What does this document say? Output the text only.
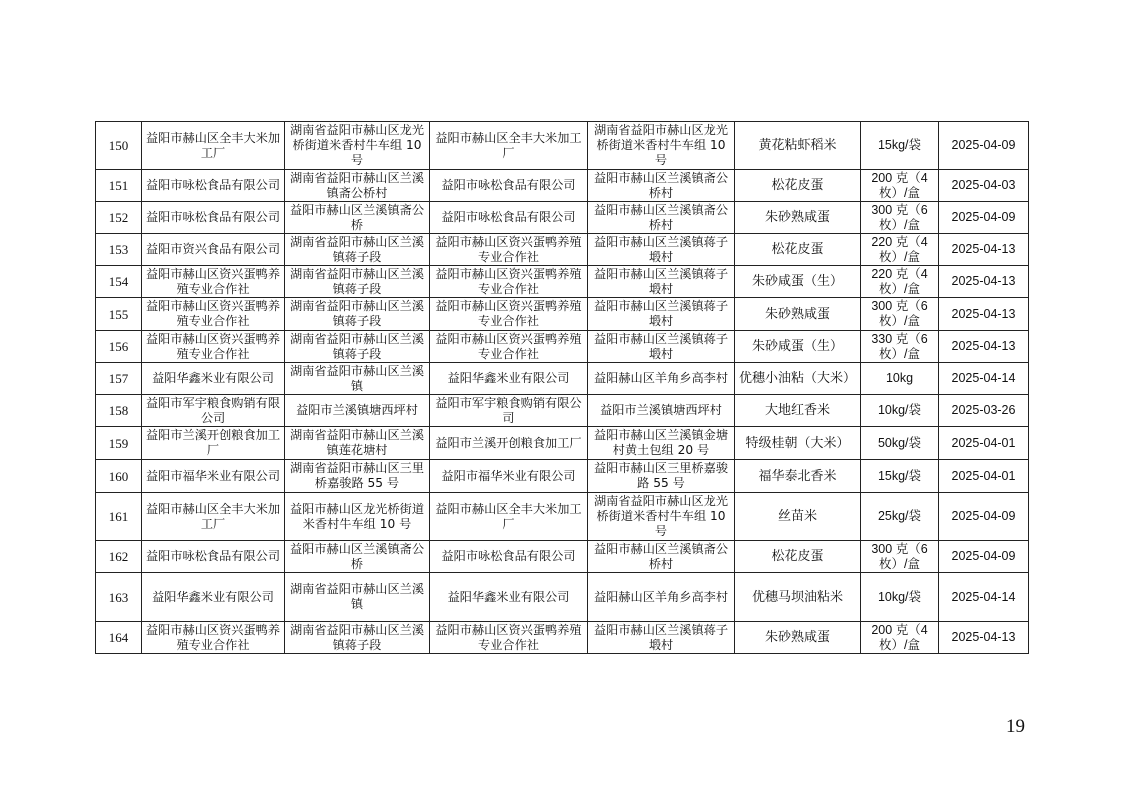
150	益阳市赫山区全丰大米加工厂	湖南省益阳市赫山区龙光桥街道米香村牛车组 10 号	益阳市赫山区全丰大米加工厂	湖南省益阳市赫山区龙光桥街道米香村牛车组 10 号	黄花粘虾稻米	15kg/袋	2025-04-09
151	益阳市咏松食品有限公司	湖南省益阳市赫山区兰溪镇斋公桥村	益阳市咏松食品有限公司	益阳市赫山区兰溪镇斋公桥村	松花皮蛋	200 克（4 枚）/盒	2025-04-03
152	益阳市咏松食品有限公司	益阳市赫山区兰溪镇斋公桥	益阳市咏松食品有限公司	益阳市赫山区兰溪镇斋公桥村	朱砂熟咸蛋	300 克（6 枚）/盒	2025-04-09
153	益阳市资兴食品有限公司	湖南省益阳市赫山区兰溪镇蒋子段	益阳市赫山区资兴蛋鸭养殖专业合作社	益阳市赫山区兰溪镇蒋子塅村	松花皮蛋	220 克（4 枚）/盒	2025-04-13
154	益阳市赫山区资兴蛋鸭养殖专业合作社	湖南省益阳市赫山区兰溪镇蒋子段	益阳市赫山区资兴蛋鸭养殖专业合作社	益阳市赫山区兰溪镇蒋子塅村	朱砂咸蛋（生）	220 克（4 枚）/盒	2025-04-13
155	益阳市赫山区资兴蛋鸭养殖专业合作社	湖南省益阳市赫山区兰溪镇蒋子段	益阳市赫山区资兴蛋鸭养殖专业合作社	益阳市赫山区兰溪镇蒋子塅村	朱砂熟咸蛋	300 克（6 枚）/盒	2025-04-13
156	益阳市赫山区资兴蛋鸭养殖专业合作社	湖南省益阳市赫山区兰溪镇蒋子段	益阳市赫山区资兴蛋鸭养殖专业合作社	益阳市赫山区兰溪镇蒋子塅村	朱砂咸蛋（生）	330 克（6 枚）/盒	2025-04-13
157	益阳华鑫米业有限公司	湖南省益阳市赫山区兰溪镇	益阳华鑫米业有限公司	益阳赫山区羊角乡高李村	优穗小油粘（大米）	10kg	2025-04-14
158	益阳市军宇粮食购销有限公司	益阳市兰溪镇塘西坪村	益阳市军宇粮食购销有限公司	益阳市兰溪镇塘西坪村	大地红香米	10kg/袋	2025-03-26
159	益阳市兰溪开创粮食加工厂	湖南省益阳市赫山区兰溪镇莲花塘村	益阳市兰溪开创粮食加工厂	益阳市赫山区兰溪镇金塘村黄土包组 20 号	特级桂朝（大米）	50kg/袋	2025-04-01
160	益阳市福华米业有限公司	湖南省益阳市赫山区三里桥嘉骏路 55 号	益阳市福华米业有限公司	益阳市赫山区三里桥嘉骏路 55 号	福华泰北香米	15kg/袋	2025-04-01
161	益阳市赫山区全丰大米加工厂	益阳市赫山区龙光桥街道米香村牛车组 10 号	益阳市赫山区全丰大米加工厂	湖南省益阳市赫山区龙光桥街道米香村牛车组 10 号	丝苗米	25kg/袋	2025-04-09
162	益阳市咏松食品有限公司	益阳市赫山区兰溪镇斋公桥	益阳市咏松食品有限公司	益阳市赫山区兰溪镇斋公桥村	松花皮蛋	300 克（6 枚）/盒	2025-04-09
163	益阳华鑫米业有限公司	湖南省益阳市赫山区兰溪镇	益阳华鑫米业有限公司	益阳赫山区羊角乡高李村	优穗马坝油粘米	10kg/袋	2025-04-14
164	益阳市赫山区资兴蛋鸭养殖专业合作社	湖南省益阳市赫山区兰溪镇蒋子段	益阳市赫山区资兴蛋鸭养殖专业合作社	益阳市赫山区兰溪镇蒋子塅村	朱砂熟咸蛋	200 克（4 枚）/盒	2025-04-13
19
